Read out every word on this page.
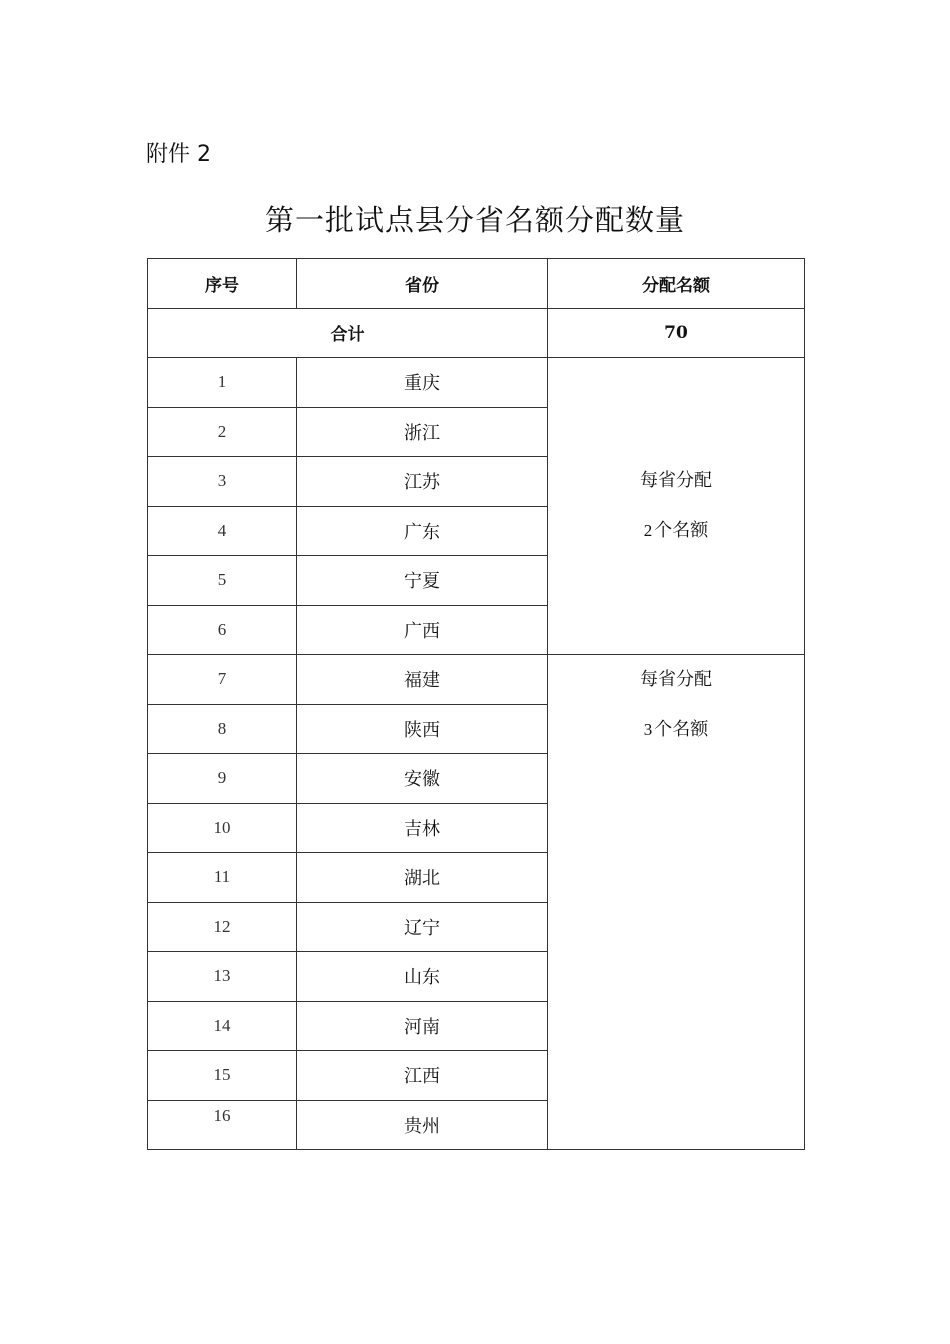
附件 2
第一批试点县分省名额分配数量
序号	省份	分配名额
合计		70
1	重庆	每省分配
2 个名额

2	浙江	
3	江苏	
4	广东	
5	宁夏	
6	广西	
7	福建	每省分配
3 个名额

8	陕西	
9	安徽	
10	吉林	
11	湖北	
12	辽宁	
13	山东	
14	河南	
15	江西	
16	贵州	
